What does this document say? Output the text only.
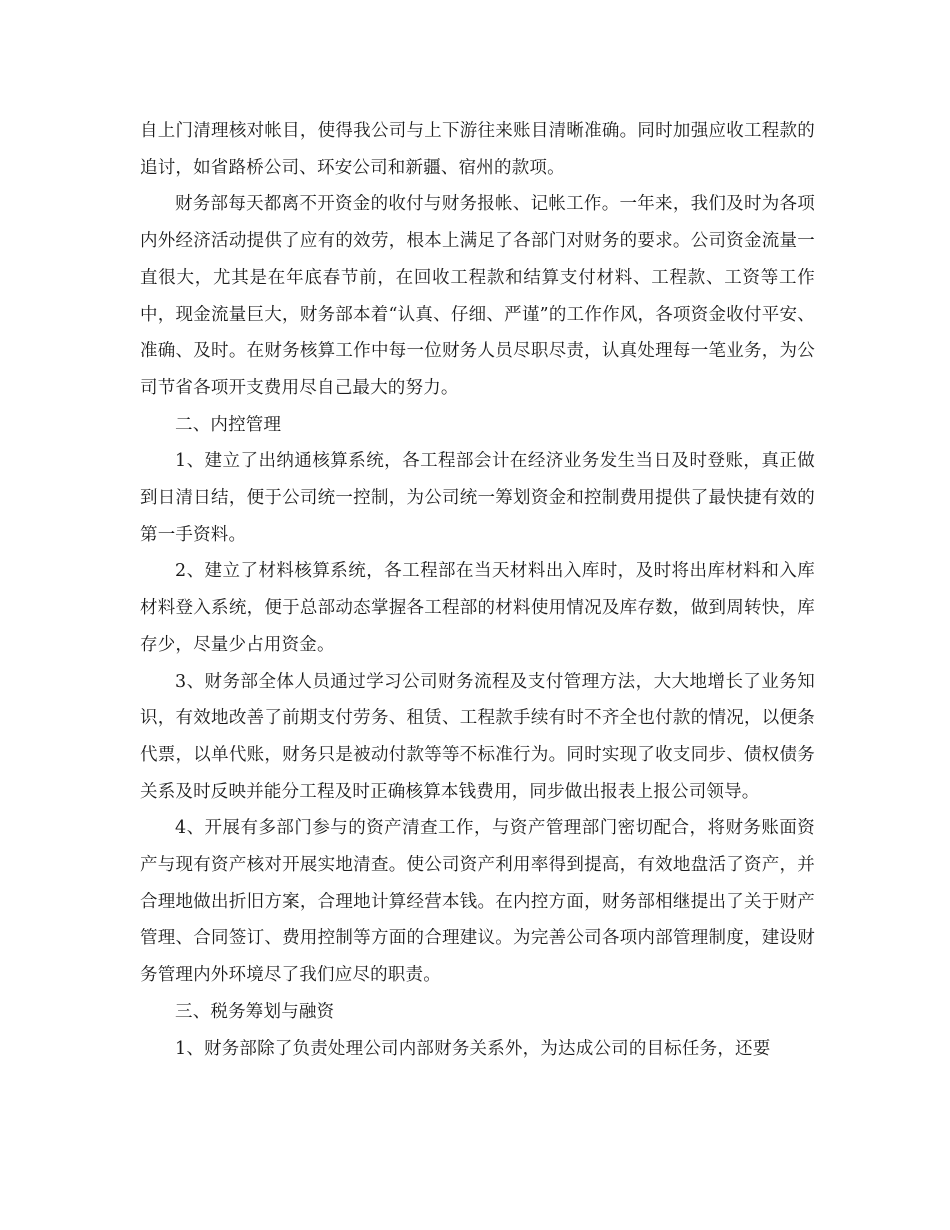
自上门清理核对帐目，使得我公司与上下游往来账目清晰准确。同时加强应收工程款的追讨，如省路桥公司、环安公司和新疆、宿州的款项。

财务部每天都离不开资金的收付与财务报帐、记帐工作。一年来，我们及时为各项内外经济活动提供了应有的效劳，根本上满足了各部门对财务的要求。公司资金流量一直很大，尤其是在年底春节前，在回收工程款和结算支付材料、工程款、工资等工作中，现金流量巨大，财务部本着“认真、仔细、严谨”的工作作风，各项资金收付平安、准确、及时。在财务核算工作中每一位财务人员尽职尽责，认真处理每一笔业务，为公司节省各项开支费用尽自己最大的努力。

二、内控管理

1、建立了出纳通核算系统，各工程部会计在经济业务发生当日及时登账，真正做到日清日结，便于公司统一控制，为公司统一筹划资金和控制费用提供了最快捷有效的第一手资料。

2、建立了材料核算系统，各工程部在当天材料出入库时，及时将出库材料和入库材料登入系统，便于总部动态掌握各工程部的材料使用情况及库存数，做到周转快，库存少，尽量少占用资金。

3、财务部全体人员通过学习公司财务流程及支付管理方法，大大地增长了业务知识，有效地改善了前期支付劳务、租赁、工程款手续有时不齐全也付款的情况，以便条代票，以单代账，财务只是被动付款等等不标准行为。同时实现了收支同步、债权债务关系及时反映并能分工程及时正确核算本钱费用，同步做出报表上报公司领导。

4、开展有多部门参与的资产清查工作，与资产管理部门密切配合，将财务账面资产与现有资产核对开展实地清查。使公司资产利用率得到提高，有效地盘活了资产，并合理地做出折旧方案，合理地计算经营本钱。在内控方面，财务部相继提出了关于财产管理、合同签订、费用控制等方面的合理建议。为完善公司各项内部管理制度，建设财务管理内外环境尽了我们应尽的职责。

三、税务筹划与融资

1、财务部除了负责处理公司内部财务关系外，为达成公司的目标任务，还要
